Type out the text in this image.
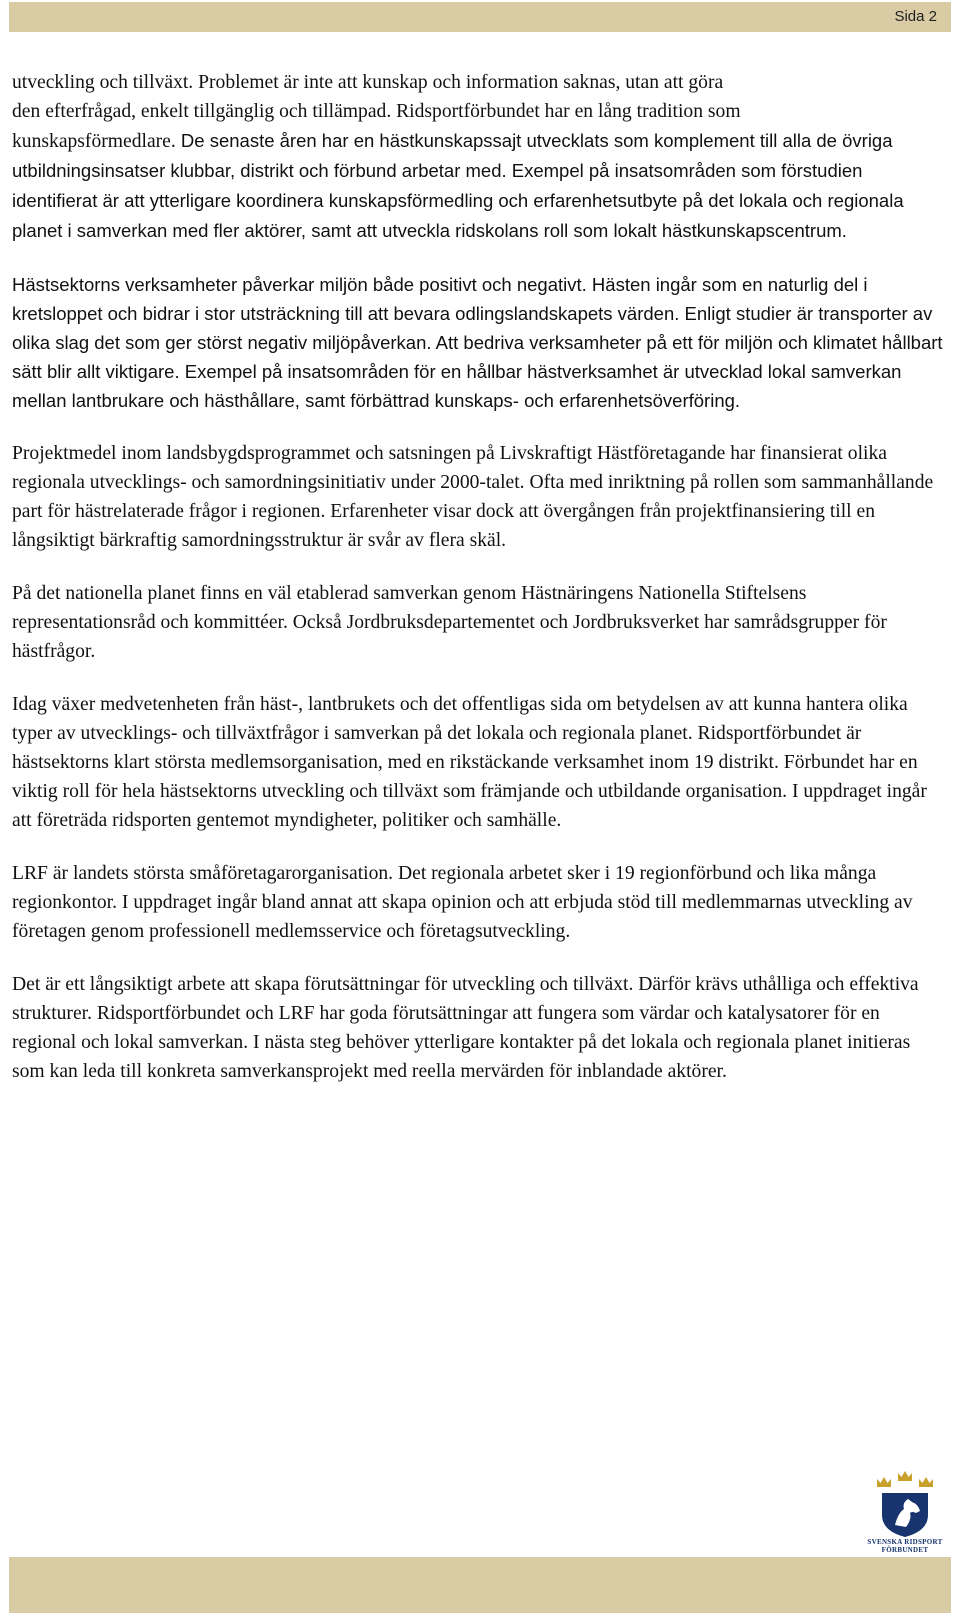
Sida 2

utveckling och tillväxt. Problemet är inte att kunskap och information saknas, utan att göra
den efterfrågad, enkelt tillgänglig och tillämpad. Ridsportförbundet har en lång tradition som
kunskapsförmedlare. De senaste åren har en hästkunskapssajt utvecklats som komplement till alla de övriga utbildningsinsatser klubbar, distrikt och förbund arbetar med. Exempel på insatsområden som förstudien identifierat är att ytterligare koordinera kunskapsförmedling och erfarenhetsutbyte på det lokala och regionala planet i samverkan med fler aktörer, samt att utveckla ridskolans roll som lokalt hästkunskapscentrum.

Hästsektorns verksamheter påverkar miljön både positivt och negativt. Hästen ingår som en naturlig del i kretsloppet och bidrar i stor utsträckning till att bevara odlingslandskapets värden. Enligt studier är transporter av olika slag det som ger störst negativ miljöpåverkan. Att bedriva verksamheter på ett för miljön och klimatet hållbart sätt blir allt viktigare. Exempel på insatsområden för en hållbar hästverksamhet är utvecklad lokal samverkan mellan lantbrukare och hästhållare, samt förbättrad kunskaps- och erfarenhetsöverföring.

Projektmedel inom landsbygdsprogrammet och satsningen på Livskraftigt Hästföretagande har finansierat olika regionala utvecklings- och samordningsinitiativ under 2000-talet. Ofta med inriktning på rollen som sammanhållande part för hästrelaterade frågor i regionen. Erfarenheter visar dock att övergången från projektfinansiering till en långsiktigt bärkraftig samordningsstruktur är svår av flera skäl.

På det nationella planet finns en väl etablerad samverkan genom Hästnäringens Nationella Stiftelsens representationsråd och kommittéer. Också Jordbruksdepartementet och Jordbruksverket har samrådsgrupper för hästfrågor.

Idag växer medvetenheten från häst-, lantbrukets och det offentligas sida om betydelsen av att kunna hantera olika typer av utvecklings- och tillväxtfrågor i samverkan på det lokala och regionala planet. Ridsportförbundet är hästsektorns klart största medlemsorganisation, med en rikstäckande verksamhet inom 19 distrikt. Förbundet har en viktig roll för hela hästsektorns utveckling och tillväxt som främjande och utbildande organisation. I uppdraget ingår att företräda ridsporten gentemot myndigheter, politiker och samhälle.

LRF är landets största småföretagarorganisation. Det regionala arbetet sker i 19 regionförbund och lika många regionkontor. I uppdraget ingår bland annat att skapa opinion och att erbjuda stöd till medlemmarnas utveckling av företagen genom professionell medlemsservice och företagsutveckling.

Det är ett långsiktigt arbete att skapa förutsättningar för utveckling och tillväxt. Därför krävs uthålliga och effektiva strukturer. Ridsportförbundet och LRF har goda förutsättningar att fungera som värdar och katalysatorer för en regional och lokal samverkan. I nästa steg behöver ytterligare kontakter på det lokala och regionala planet initieras som kan leda till konkreta samverkansprojekt med reella mervärden för inblandade aktörer.

SVENSKA RIDSPORT
FÖRBUNDET
